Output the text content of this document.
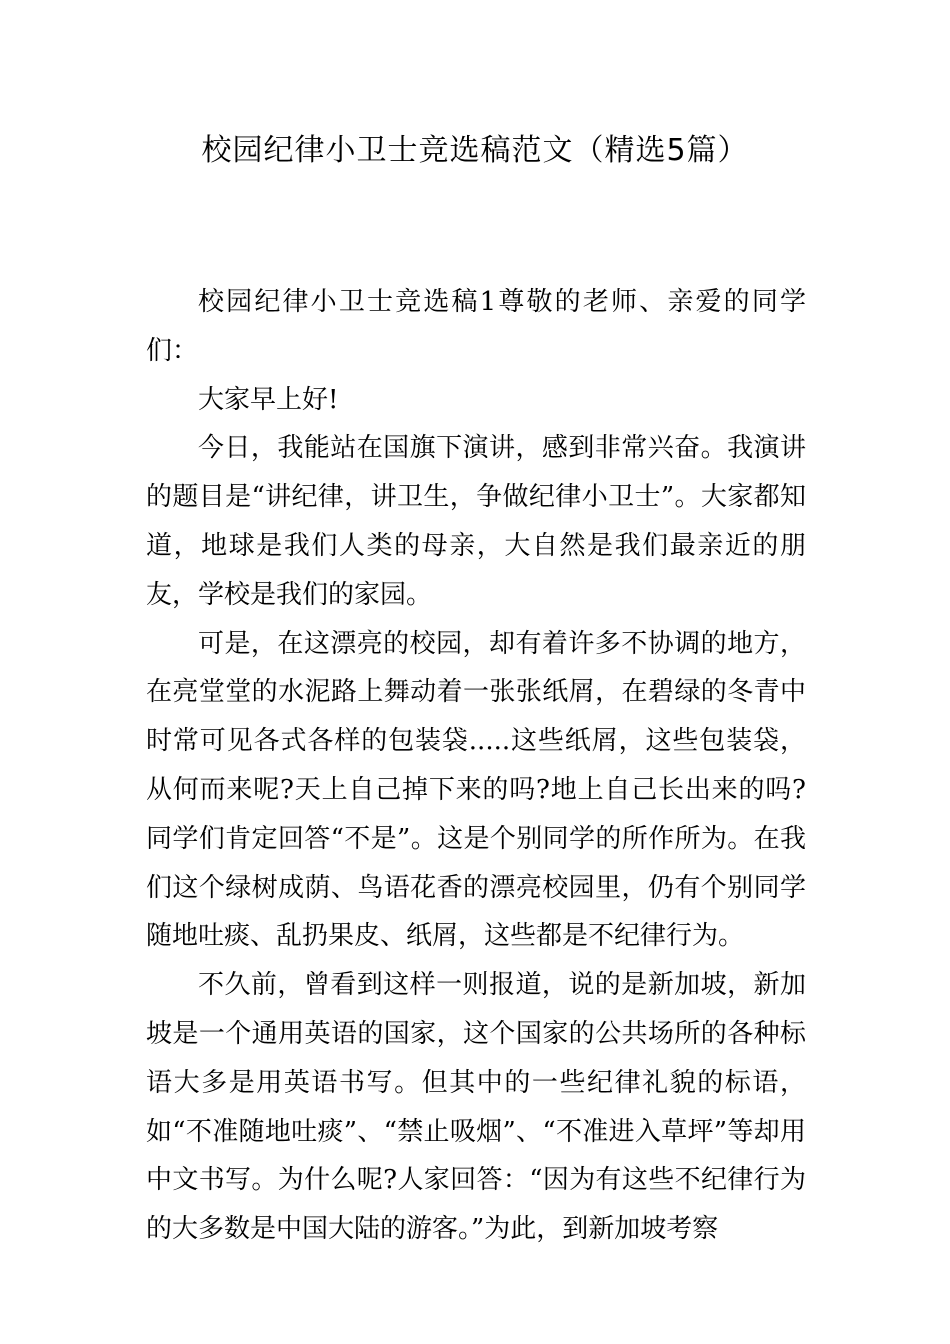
校园纪律小卫士竞选稿范文（精选5篇）

校园纪律小卫士竞选稿1尊敬的老师、亲爱的同学们：

大家早上好!

今日，我能站在国旗下演讲，感到非常兴奋。我演讲的题目是“讲纪律，讲卫生，争做纪律小卫士”。大家都知道，地球是我们人类的母亲，大自然是我们最亲近的朋友，学校是我们的家园。

可是，在这漂亮的校园，却有着许多不协调的地方，在亮堂堂的水泥路上舞动着一张张纸屑，在碧绿的冬青中时常可见各式各样的包装袋.....这些纸屑，这些包装袋，从何而来呢?天上自己掉下来的吗?地上自己长出来的吗?同学们肯定回答“不是”。这是个别同学的所作所为。在我们这个绿树成荫、鸟语花香的漂亮校园里，仍有个别同学随地吐痰、乱扔果皮、纸屑，这些都是不纪律行为。

不久前，曾看到这样一则报道，说的是新加坡，新加坡是一个通用英语的国家，这个国家的公共场所的各种标语大多是用英语书写。但其中的一些纪律礼貌的标语，如“不准随地吐痰”、“禁止吸烟”、“不准进入草坪”等却用中文书写。为什么呢?人家回答：“因为有这些不纪律行为的大多数是中国大陆的游客。”为此，到新加坡考察
